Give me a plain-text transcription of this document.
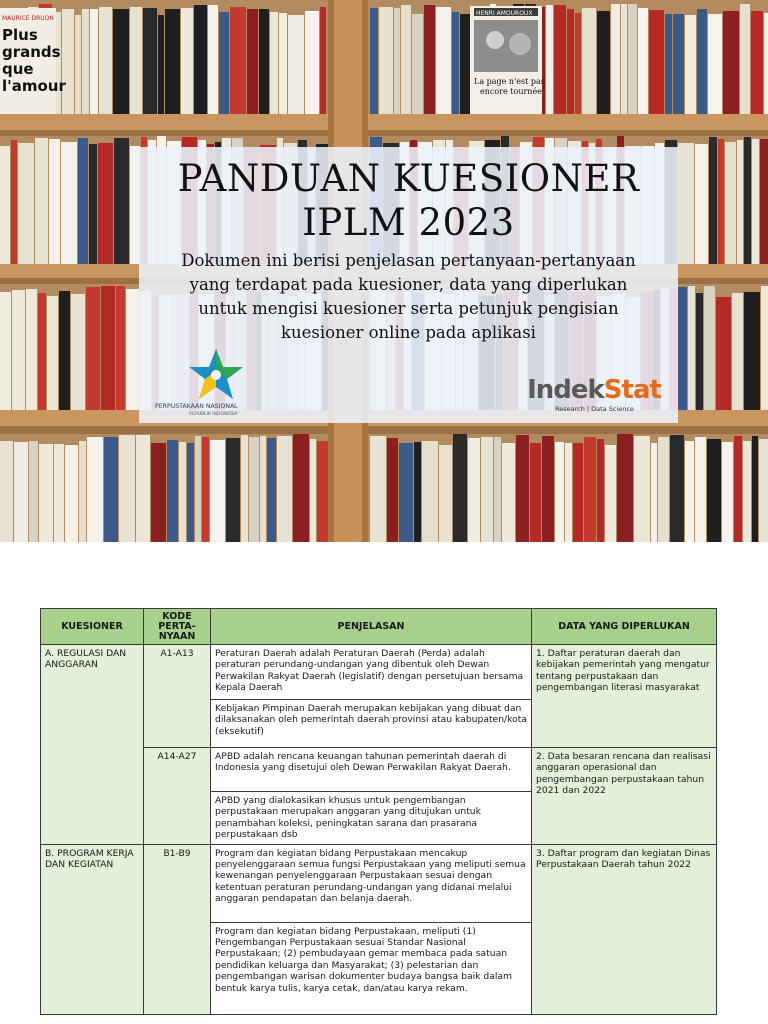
MAURICE DRUON
Plus
grands
que
l'amour
HENRI AMOUROUX
La page n'est pas
encore tournée
PANDUAN KUESIONER
IPLM 2023
Dokumen ini berisi penjelasan pertanyaan-pertanyaan
yang terdapat pada kuesioner, data yang diperlukan
untuk mengisi kuesioner serta petunjuk pengisian
kuesioner online pada aplikasi
PERPUSTAKAAN NASIONAL
REPUBLIK INDONESIA
IndekStat
Research | Data Science
KUESIONER	KODE PERTA- NYAAN	PENJELASAN	DATA YANG DIPERLUKAN
A. REGULASI DAN ANGGARAN	A1-A13	Peraturan Daerah adalah Peraturan Daerah (Perda) adalah peraturan perundang-undangan yang dibentuk oleh Dewan Perwakilan Rakyat Daerah (legislatif) dengan persetujuan bersama Kepala Daerah	1. Daftar peraturan daerah dan kebijakan pemerintah yang mengatur tentang perpustakaan dan pengembangan literasi masyarakat
		Kebijakan Pimpinan Daerah merupakan kebijakan yang dibuat dan dilaksanakan oleh pemerintah daerah provinsi atau kabupaten/kota (eksekutif)	
	A14-A27	APBD adalah rencana keuangan tahunan pemerintah daerah di Indonesia yang disetujui oleh Dewan Perwakilan Rakyat Daerah.	2. Data besaran rencana dan realisasi anggaran operasional dan pengembangan perpustakaan tahun 2021 dan 2022
		APBD yang dialokasikan khusus untuk pengembangan perpustakaan merupakan anggaran yang ditujukan untuk penambahan koleksi, peningkatan sarana dan prasarana perpustakaan dsb	
B. PROGRAM KERJA DAN KEGIATAN	B1-B9	Program dan kegiatan bidang Perpustakaan mencakup penyelenggaraan semua fungsi Perpustakaan yang meliputi semua kewenangan penyelenggaraan Perpustakaan sesuai dengan ketentuan peraturan perundang-undangan yang didanai melalui anggaran pendapatan dan belanja daerah.	3. Daftar program dan kegiatan Dinas Perpustakaan Daerah tahun 2022
		Program dan kegiatan bidang Perpustakaan, meliputi (1) Pengembangan Perpustakaan sesuai Standar Nasional Perpustakaan; (2) pembudayaan gemar membaca pada satuan pendidikan keluarga dan Masyarakat; (3) pelestarian dan pengembangan warisan dokumenter budaya bangsa baik dalam bentuk karya tulis, karya cetak, dan/atau karya rekam.	
